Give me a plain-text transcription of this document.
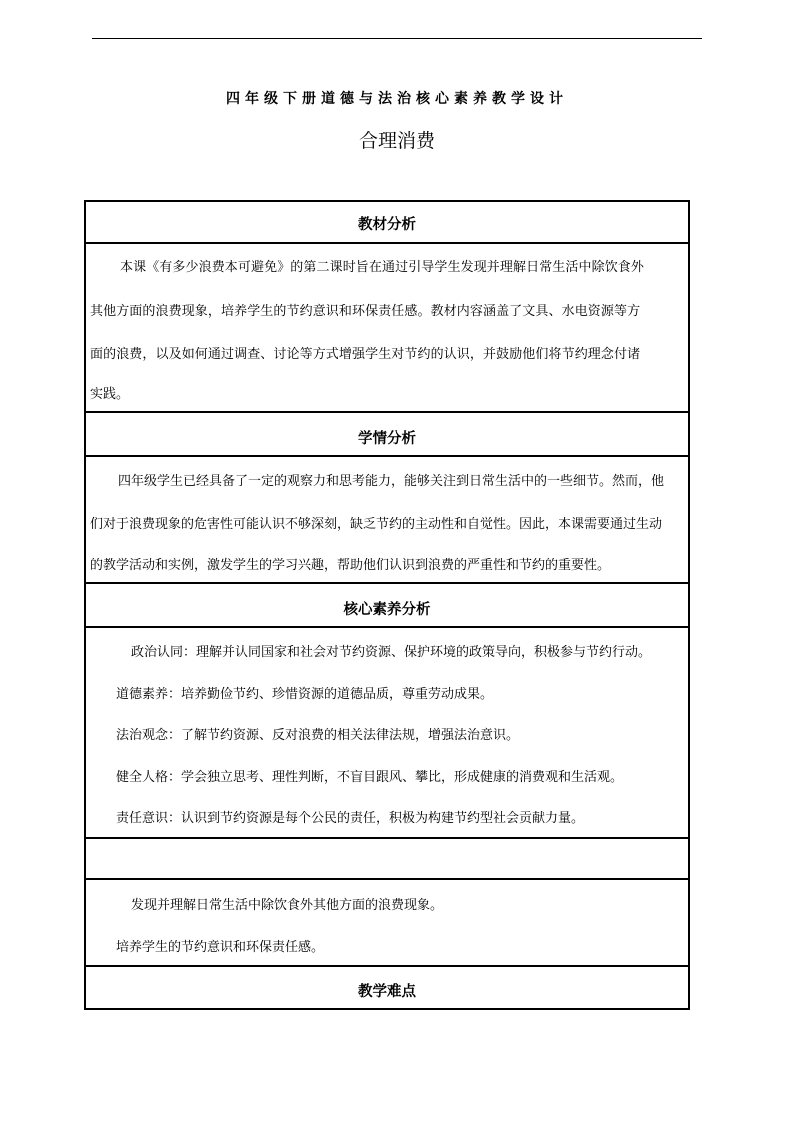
四年级下册道德与法治核心素养教学设计
合理消费
教材分析
本课《有多少浪费本可避免》的第二课时旨在通过引导学生发现并理解日常生活中除饮食外
其他方面的浪费现象，培养学生的节约意识和环保责任感。教材内容涵盖了文具、水电资源等方
面的浪费，以及如何通过调查、讨论等方式增强学生对节约的认识，并鼓励他们将节约理念付诸
实践。
学情分析
四年级学生已经具备了一定的观察力和思考能力，能够关注到日常生活中的一些细节。然而，他
们对于浪费现象的危害性可能认识不够深刻，缺乏节约的主动性和自觉性。因此，本课需要通过生动
的教学活动和实例，激发学生的学习兴趣，帮助他们认识到浪费的严重性和节约的重要性。
核心素养分析
政治认同：理解并认同国家和社会对节约资源、保护环境的政策导向，积极参与节约行动。
道德素养：培养勤俭节约、珍惜资源的道德品质，尊重劳动成果。
法治观念：了解节约资源、反对浪费的相关法律法规，增强法治意识。
健全人格：学会独立思考、理性判断，不盲目跟风、攀比，形成健康的消费观和生活观。
责任意识：认识到节约资源是每个公民的责任，积极为构建节约型社会贡献力量。
发现并理解日常生活中除饮食外其他方面的浪费现象。
培养学生的节约意识和环保责任感。
教学难点
